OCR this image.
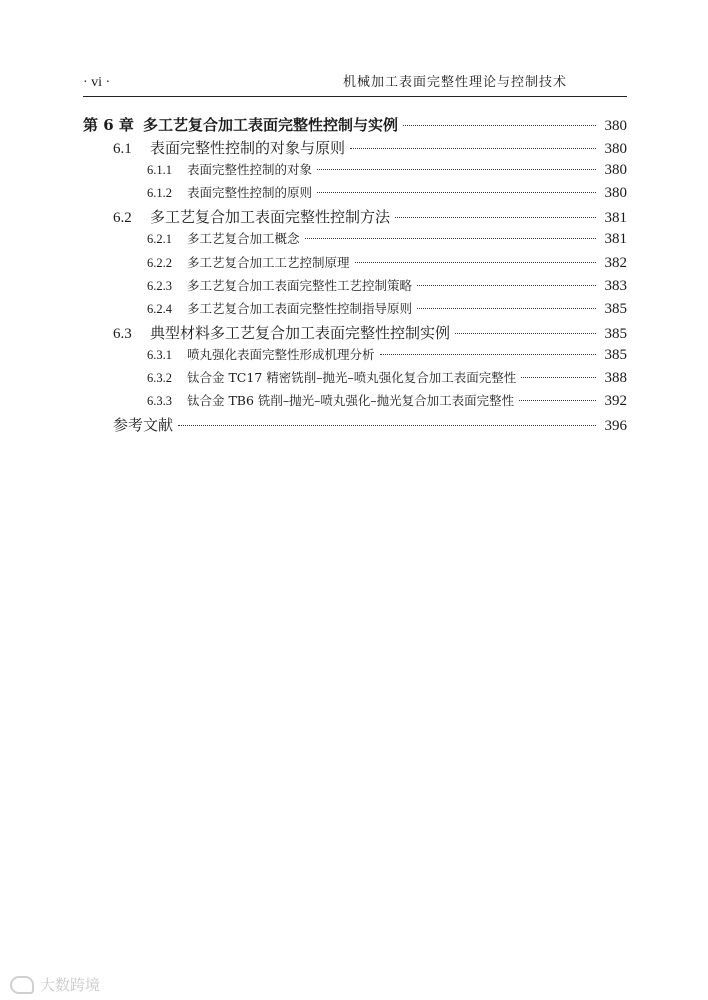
· vi ·	机械加工表面完整性理论与控制技术
第 6 章 多工艺复合加工表面完整性控制与实例	380
6.1	表面完整性控制的对象与原则	380
6.1.1	表面完整性控制的对象	380
6.1.2	表面完整性控制的原则	380
6.2	多工艺复合加工表面完整性控制方法	381
6.2.1	多工艺复合加工概念	381
6.2.2	多工艺复合加工工艺控制原理	382
6.2.3	多工艺复合加工表面完整性工艺控制策略	383
6.2.4	多工艺复合加工表面完整性控制指导原则	385
6.3	典型材料多工艺复合加工表面完整性控制实例	385
6.3.1	喷丸强化表面完整性形成机理分析	385
6.3.2	钛合金 TC17 精密铣削–抛光–喷丸强化复合加工表面完整性	388
6.3.3	钛合金 TB6 铣削–抛光–喷丸强化–抛光复合加工表面完整性	392
参考文献	396
大数跨境
